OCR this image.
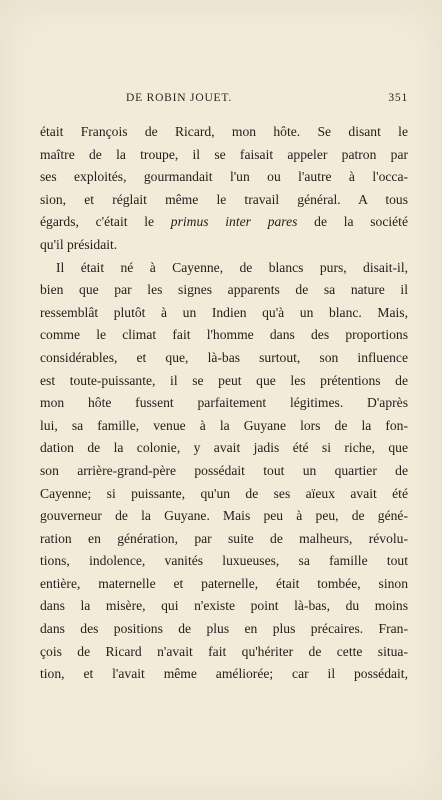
DE ROBIN JOUET.	351
était François de Ricard, mon hôte. Se disant le
maître de la troupe, il se faisait appeler patron par
ses exploités, gourmandait l'un ou l'autre à l'occa-
sion, et réglait même le travail général. A tous
égards, c'était le primus inter pares de la société
qu'il présidait.
Il était né à Cayenne, de blancs purs, disait-il,
bien que par les signes apparents de sa nature il
ressemblât plutôt à un Indien qu'à un blanc. Mais,
comme le climat fait l'homme dans des proportions
considérables, et que, là-bas surtout, son influence
est toute-puissante, il se peut que les prétentions de
mon hôte fussent parfaitement légitimes. D'après
lui, sa famille, venue à la Guyane lors de la fon-
dation de la colonie, y avait jadis été si riche, que
son arrière-grand-père possédait tout un quartier de
Cayenne; si puissante, qu'un de ses aïeux avait été
gouverneur de la Guyane. Mais peu à peu, de géné-
ration en génération, par suite de malheurs, révolu-
tions, indolence, vanités luxueuses, sa famille tout
entière, maternelle et paternelle, était tombée, sinon
dans la misère, qui n'existe point là-bas, du moins
dans des positions de plus en plus précaires. Fran-
çois de Ricard n'avait fait qu'hériter de cette situa-
tion, et l'avait même améliorée; car il possédait,
